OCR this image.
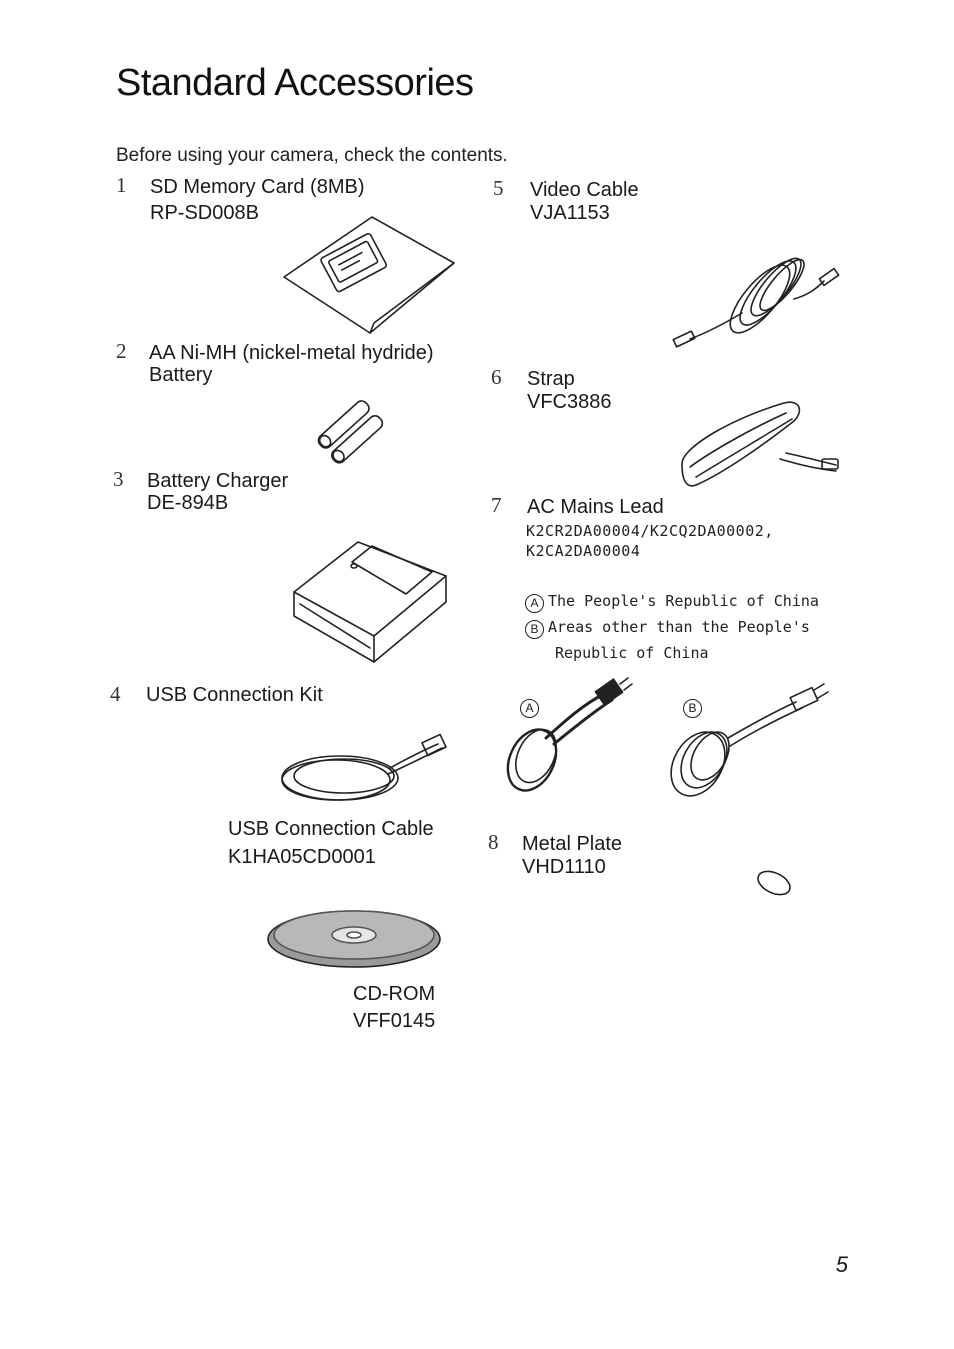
Standard Accessories
Before using your camera, check the contents.
1 SD Memory Card (8MB)
RP-SD008B
2 AA Ni-MH (nickel-metal hydride)
Battery
3 Battery Charger
DE-894B
4 USB Connection Kit
USB Connection Cable
K1HA05CD0001
CD-ROM
VFF0145
5 Video Cable
VJA1153
6 Strap
VFC3886
7 AC Mains Lead
K2CR2DA00004/K2CQ2DA00002,
K2CA2DA00004
A The People's Republic of China
B Areas other than the People's
Republic of China
A	B
8 Metal Plate
VHD1110
5
